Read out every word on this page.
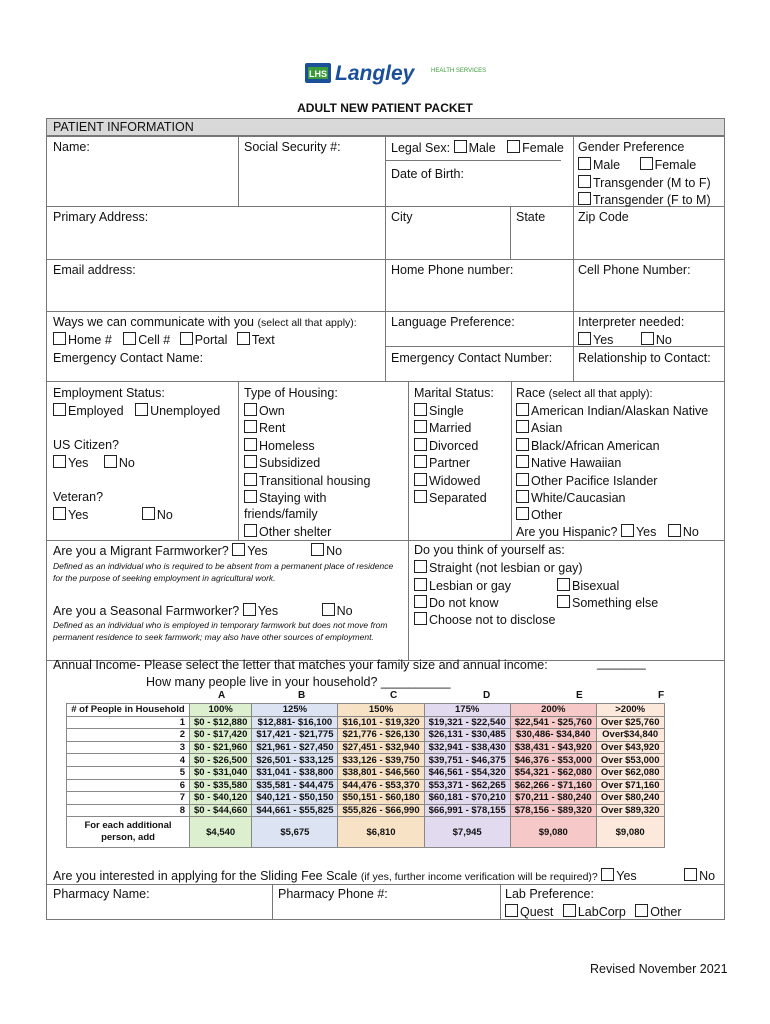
LHS Langley	HEALTH SERVICES
ADULT NEW PATIENT PACKET
PATIENT INFORMATION
Name:	Social Security #:	Legal Sex: Male Female Gender Preference
Male	Female
Transgender (M to F)
Transgender (F to M)
Date of Birth:
Primary Address:	City	State	Zip Code
Email address:	Home Phone number:	Cell Phone Number:
Ways we can communicate with you (select all that apply):
Home # Cell # Portal Text
Language Preference:	Interpreter needed:
Yes	No
Emergency Contact Name:	Emergency Contact Number: Relationship to Contact:
Employment Status:
Employed Unemployed
US Citizen?
Yes No
Veteran?
Yes	No
Type of Housing:
Own
Rent
Homeless
Subsidized
Transitional housing
Staying with
friends/family
Other shelter
Marital Status:
Single
Married
Divorced
Partner
Widowed
Separated
Race (select all that apply):
American Indian/Alaskan Native
Asian
Black/African American
Native Hawaiian
Other Pacifice Islander
White/Caucasian
Other
Are you Hispanic? Yes No
Are you a Migrant Farmworker? Yes	No
Defined as an individual who is required to be absent from a permanent place of residence for the purpose of seeking employment in agricultural work.
Are you a Seasonal Farmworker? Yes	No
Defined as an individual who is employed in temporary farmwork but does not move from permanent residence to seek farmwork; may also have other sources of employment.
Do you think of yourself as:
Straight (not lesbian or gay)
Lesbian or gay	Bisexual
Do not know	Something else
Choose not to disclose
Annual Income- Please select the letter that matches your family size and annual income:	_______
How many people live in your household? __________
A	B	C	D	E	F
# of People in Household	100%	125%	150%	175%	200%	>200%
1	$0 - $12,880	$12,881- $16,100	$16,101 - $19,320	$19,321 - $22,540	$22,541 - $25,760	Over $25,760
2	$0 - $17,420	$17,421 - $21,775	$21,776 - $26,130	$26,131 - $30,485	$30,486- $34,840	Over$34,840
3	$0 - $21,960	$21,961 - $27,450	$27,451 - $32,940	$32,941 - $38,430	$38,431 - $43,920	Over $43,920
4	$0 - $26,500	$26,501 - $33,125	$33,126 - $39,750	$39,751 - $46,375	$46,376 - $53,000	Over $53,000
5	$0 - $31,040	$31,041 - $38,800	$38,801 - $46,560	$46,561 - $54,320	$54,321 - $62,080	Over $62,080
6	$0 - $35,580	$35,581 - $44,475	$44,476 - $53,370	$53,371 - $62,265	$62,266 - $71,160	Over $71,160
7	$0 - $40,120	$40,121 - $50,150	$50,151 - $60,180	$60,181 - $70,210	$70,211 - $80,240	Over $80,240
8	$0 - $44,660	$44,661 - $55,825	$55,826 - $66,990	$66,991 - $78,155	$78,156 - $89,320	Over $89,320
For each additional person, add	$4,540	$5,675	$6,810	$7,945	$9,080	$9,080
Are you interested in applying for the Sliding Fee Scale (if yes, further income verification will be required)? Yes	No
Pharmacy Name:	Pharmacy Phone #:	Lab Preference:
Quest LabCorp Other
Revised November 2021
